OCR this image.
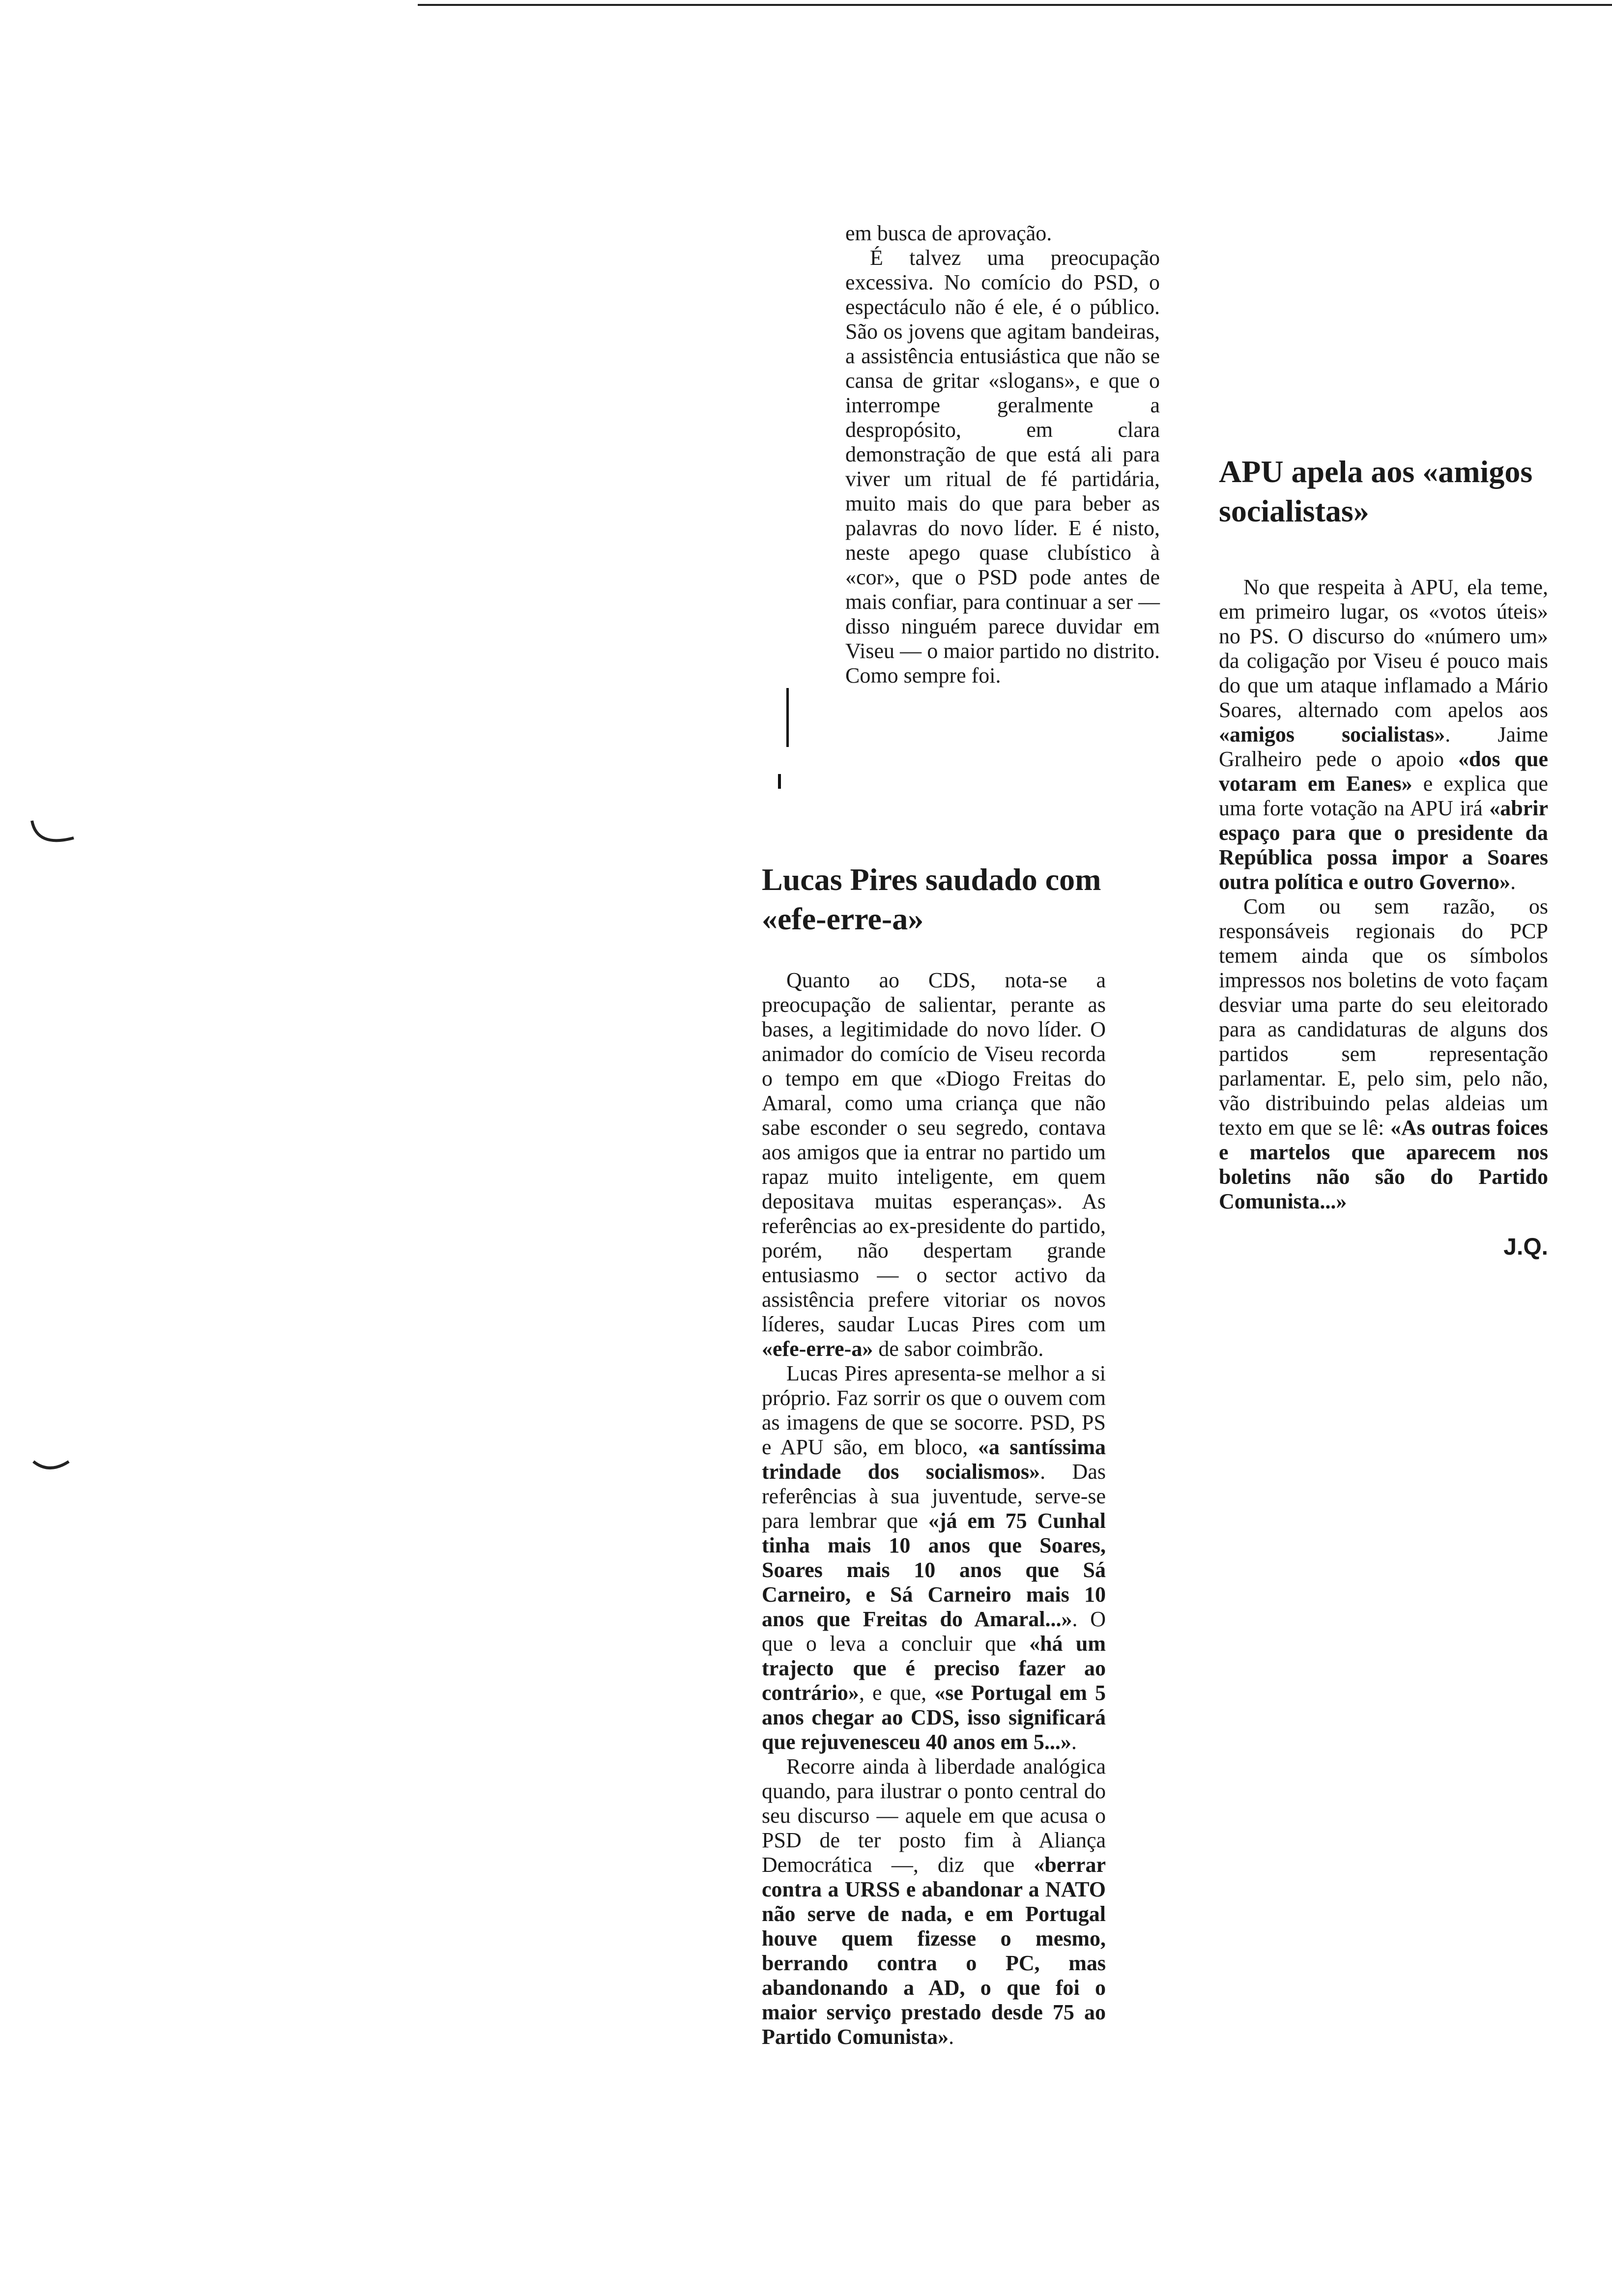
em busca de aprovação.

É talvez uma preocupação excessiva. No comício do PSD, o espectáculo não é ele, é o público. São os jovens que agitam bandeiras, a assistência entusiástica que não se cansa de gritar «slogans», e que o interrompe geralmente a despropósito, em clara demonstração de que está ali para viver um ritual de fé partidária, muito mais do que para beber as palavras do novo líder. E é nisto, neste apego quase clubístico à «cor», que o PSD pode antes de mais confiar, para continuar a ser — disso ninguém parece duvidar em Viseu — o maior partido no distrito. Como sempre foi.

Lucas Pires saudado com «efe-erre-a»

Quanto ao CDS, nota-se a preocupação de salientar, perante as bases, a legitimidade do novo líder. O animador do comício de Viseu recorda o tempo em que «Diogo Freitas do Amaral, como uma criança que não sabe esconder o seu segredo, contava aos amigos que ia entrar no partido um rapaz muito inteligente, em quem depositava muitas esperanças». As referências ao ex-presidente do partido, porém, não despertam grande entusiasmo — o sector activo da assistência prefere vitoriar os novos líderes, saudar Lucas Pires com um «efe-erre-a» de sabor coimbrão.

Lucas Pires apresenta-se melhor a si próprio. Faz sorrir os que o ouvem com as imagens de que se socorre. PSD, PS e APU são, em bloco, «a santíssima trindade dos socialismos». Das referências à sua juventude, serve-se para lembrar que «já em 75 Cunhal tinha mais 10 anos que Soares, Soares mais 10 anos que Sá Carneiro, e Sá Carneiro mais 10 anos que Freitas do Amaral...». O que o leva a concluir que «há um trajecto que é preciso fazer ao contrário», e que, «se Portugal em 5 anos chegar ao CDS, isso significará que rejuvenesceu 40 anos em 5...».

Recorre ainda à liberdade analógica quando, para ilustrar o ponto central do seu discurso — aquele em que acusa o PSD de ter posto fim à Aliança Democrática —, diz que «berrar contra a URSS e abandonar a NATO não serve de nada, e em Portugal houve quem fizesse o mesmo, berrando contra o PC, mas abandonando a AD, o que foi o maior serviço prestado desde 75 ao Partido Comunista».

APU apela aos «amigos socialistas»

No que respeita à APU, ela teme, em primeiro lugar, os «votos úteis» no PS. O discurso do «número um» da coligação por Viseu é pouco mais do que um ataque inflamado a Mário Soares, alternado com apelos aos «amigos socialistas». Jaime Gralheiro pede o apoio «dos que votaram em Eanes» e explica que uma forte votação na APU irá «abrir espaço para que o presidente da República possa impor a Soares outra política e outro Governo».

Com ou sem razão, os responsáveis regionais do PCP temem ainda que os símbolos impressos nos boletins de voto façam desviar uma parte do seu eleitorado para as candidaturas de alguns dos partidos sem representação parlamentar. E, pelo sim, pelo não, vão distribuindo pelas aldeias um texto em que se lê: «As outras foices e martelos que aparecem nos boletins não são do Partido Comunista...»

J.Q.
